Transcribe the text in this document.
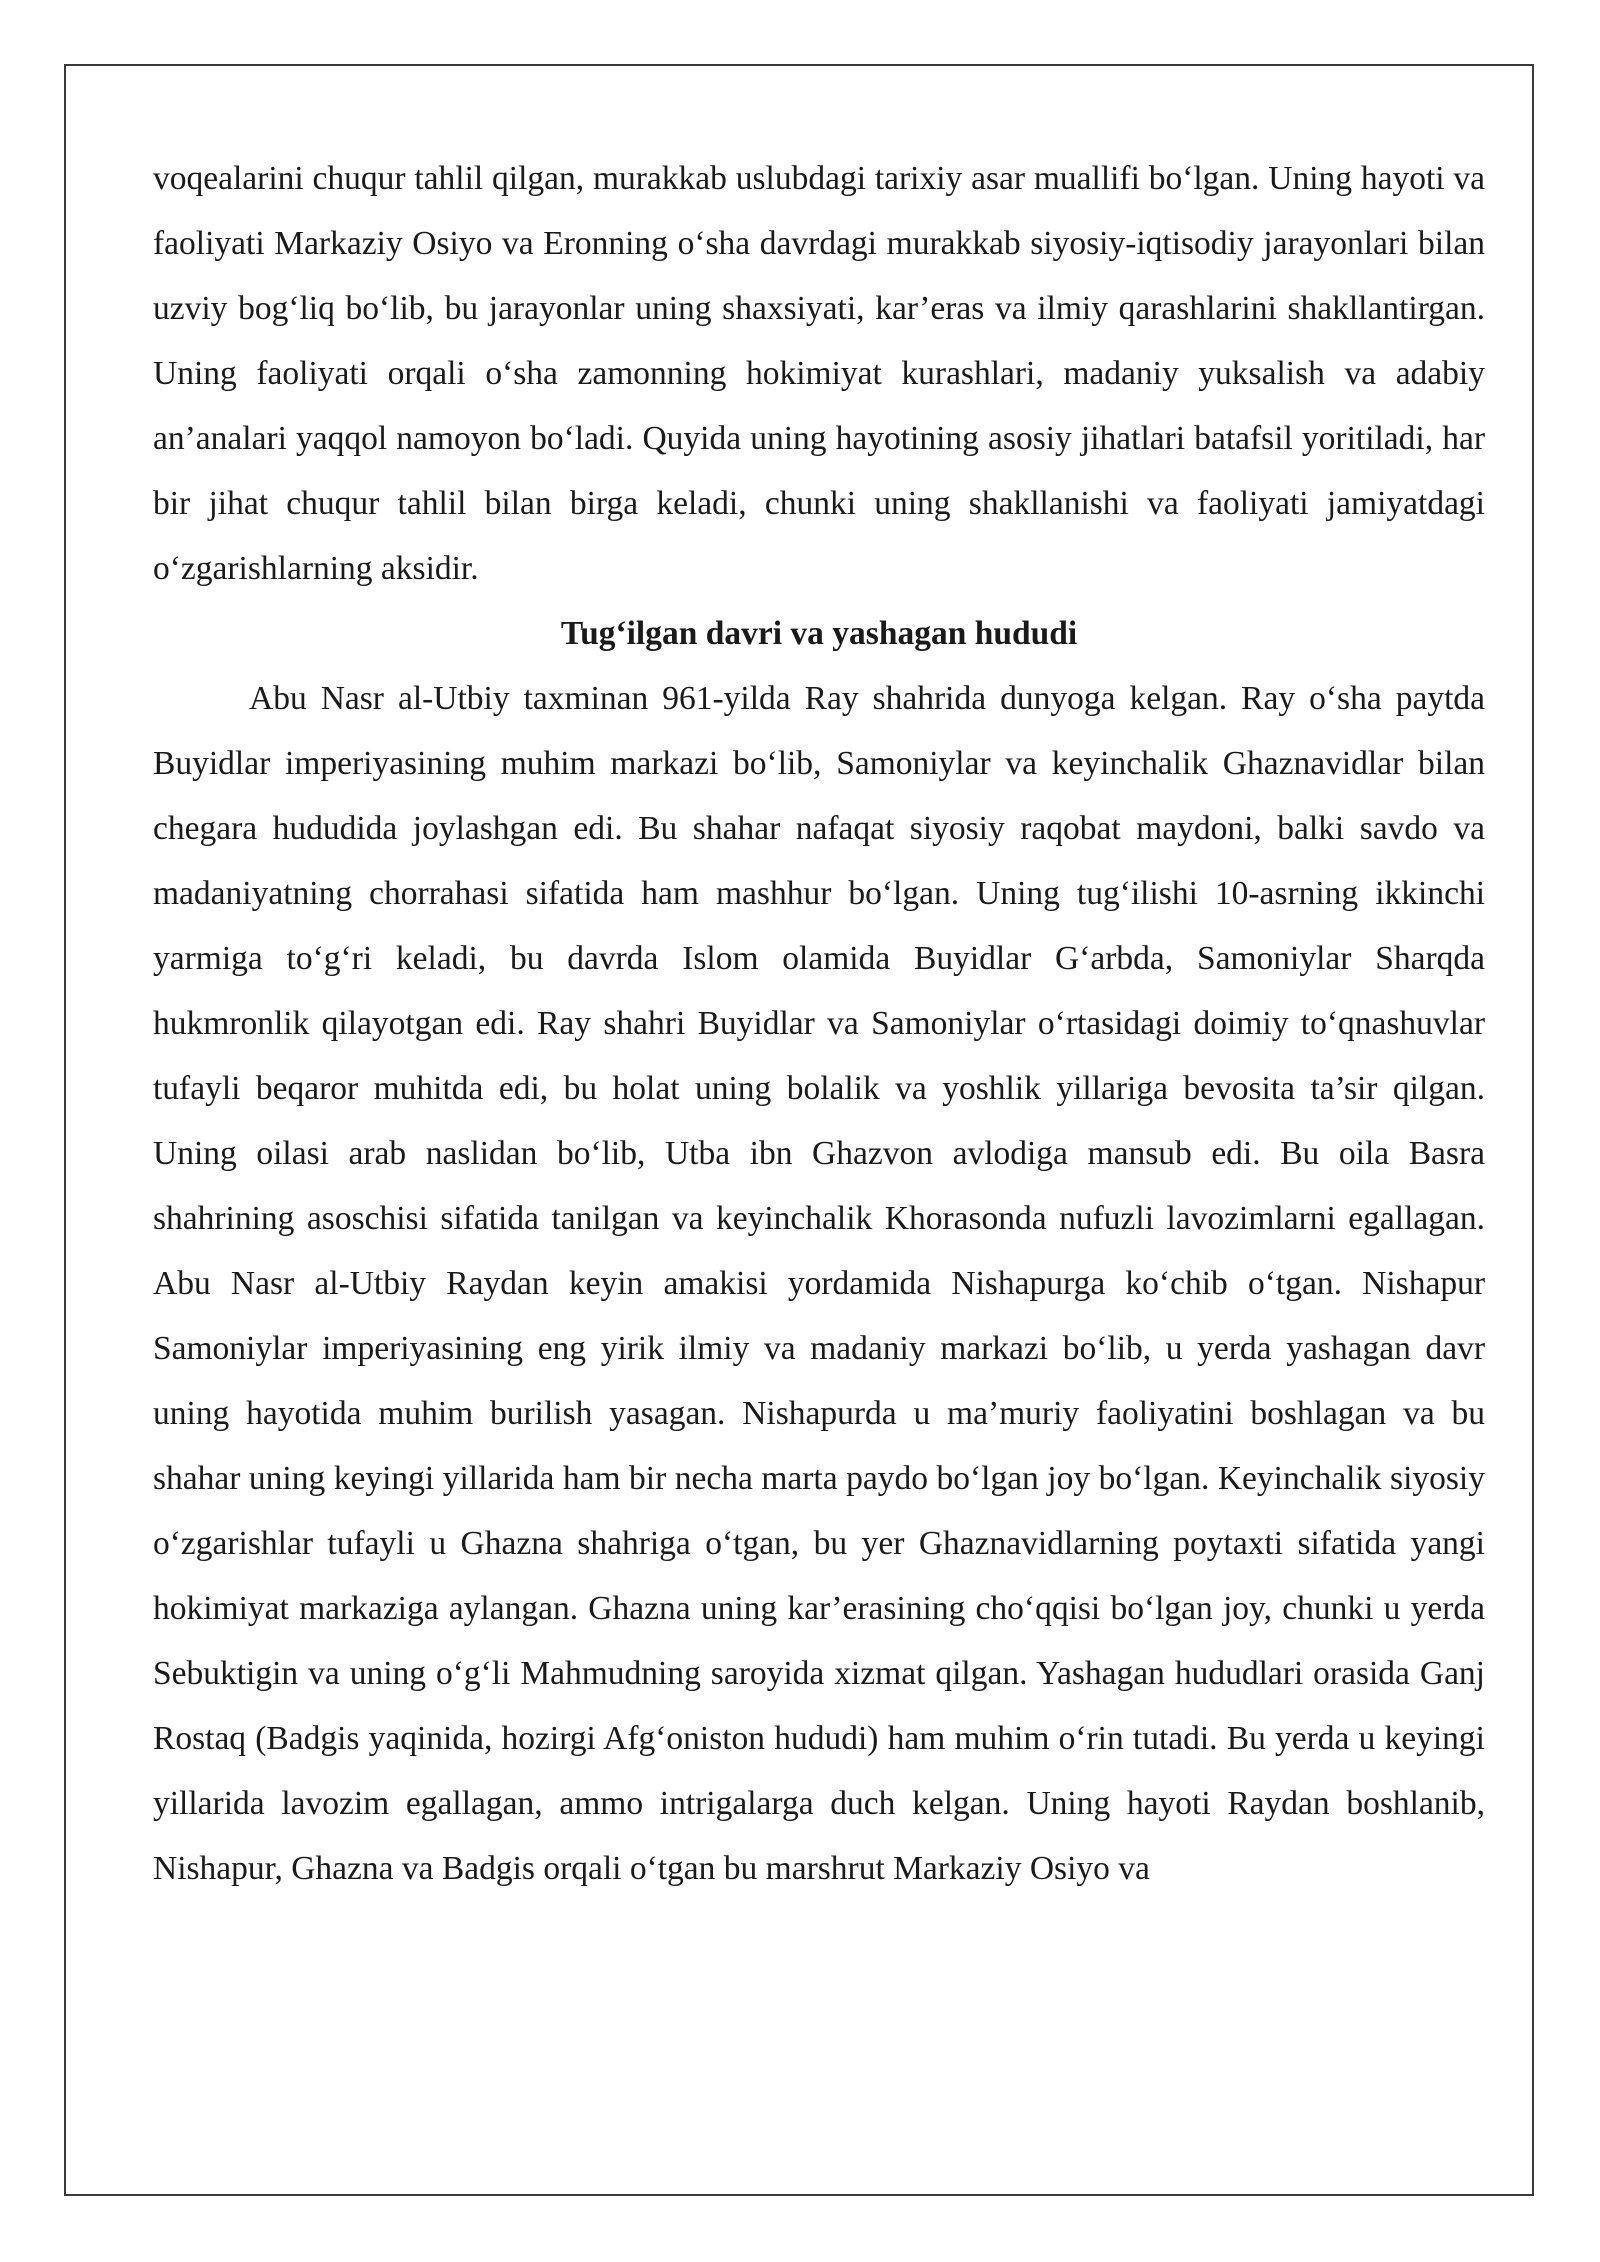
voqealarini chuqur tahlil qilgan, murakkab uslubdagi tarixiy asar muallifi boʻlgan. Uning hayoti va faoliyati Markaziy Osiyo va Eronning oʻsha davrdagi murakkab siyosiy-iqtisodiy jarayonlari bilan uzviy bogʻliq boʻlib, bu jarayonlar uning shaxsiyati, kar’eras va ilmiy qarashlarini shakllantirgan. Uning faoliyati orqali oʻsha zamonning hokimiyat kurashlari, madaniy yuksalish va adabiy an’analari yaqqol namoyon boʻladi. Quyida uning hayotining asosiy jihatlari batafsil yoritiladi, har bir jihat chuqur tahlil bilan birga keladi, chunki uning shakllanishi va faoliyati jamiyatdagi oʻzgarishlarning aksidir.

Tugʻilgan davri va yashagan hududi

Abu Nasr al-Utbiy taxminan 961-yilda Ray shahrida dunyoga kelgan. Ray oʻsha paytda Buyidlar imperiyasining muhim markazi boʻlib, Samoniylar va keyinchalik Ghaznavidlar bilan chegara hududida joylashgan edi. Bu shahar nafaqat siyosiy raqobat maydoni, balki savdo va madaniyatning chorrahasi sifatida ham mashhur boʻlgan. Uning tugʻilishi 10-asrning ikkinchi yarmiga toʻgʻri keladi, bu davrda Islom olamida Buyidlar Gʻarbda, Samoniylar Sharqda hukmronlik qilayotgan edi. Ray shahri Buyidlar va Samoniylar oʻrtasidagi doimiy toʻqnashuvlar tufayli beqaror muhitda edi, bu holat uning bolalik va yoshlik yillariga bevosita ta’sir qilgan. Uning oilasi arab naslidan boʻlib, Utba ibn Ghazvon avlodiga mansub edi. Bu oila Basra shahrining asoschisi sifatida tanilgan va keyinchalik Khorasonda nufuzli lavozimlarni egallagan. Abu Nasr al-Utbiy Raydan keyin amakisi yordamida Nishapurga koʻchib oʻtgan. Nishapur Samoniylar imperiyasining eng yirik ilmiy va madaniy markazi boʻlib, u yerda yashagan davr uning hayotida muhim burilish yasagan. Nishapurda u ma’muriy faoliyatini boshlagan va bu shahar uning keyingi yillarida ham bir necha marta paydo boʻlgan joy boʻlgan. Keyinchalik siyosiy oʻzgarishlar tufayli u Ghazna shahriga oʻtgan, bu yer Ghaznavidlarning poytaxti sifatida yangi hokimiyat markaziga aylangan. Ghazna uning kar’erasining choʻqqisi boʻlgan joy, chunki u yerda Sebuktigin va uning oʻgʻli Mahmudning saroyida xizmat qilgan. Yashagan hududlari orasida Ganj Rostaq (Badgis yaqinida, hozirgi Afgʻoniston hududi) ham muhim oʻrin tutadi. Bu yerda u keyingi yillarida lavozim egallagan, ammo intrigalarga duch kelgan. Uning hayoti Raydan boshlanib, Nishapur, Ghazna va Badgis orqali oʻtgan bu marshrut Markaziy Osiyo va
